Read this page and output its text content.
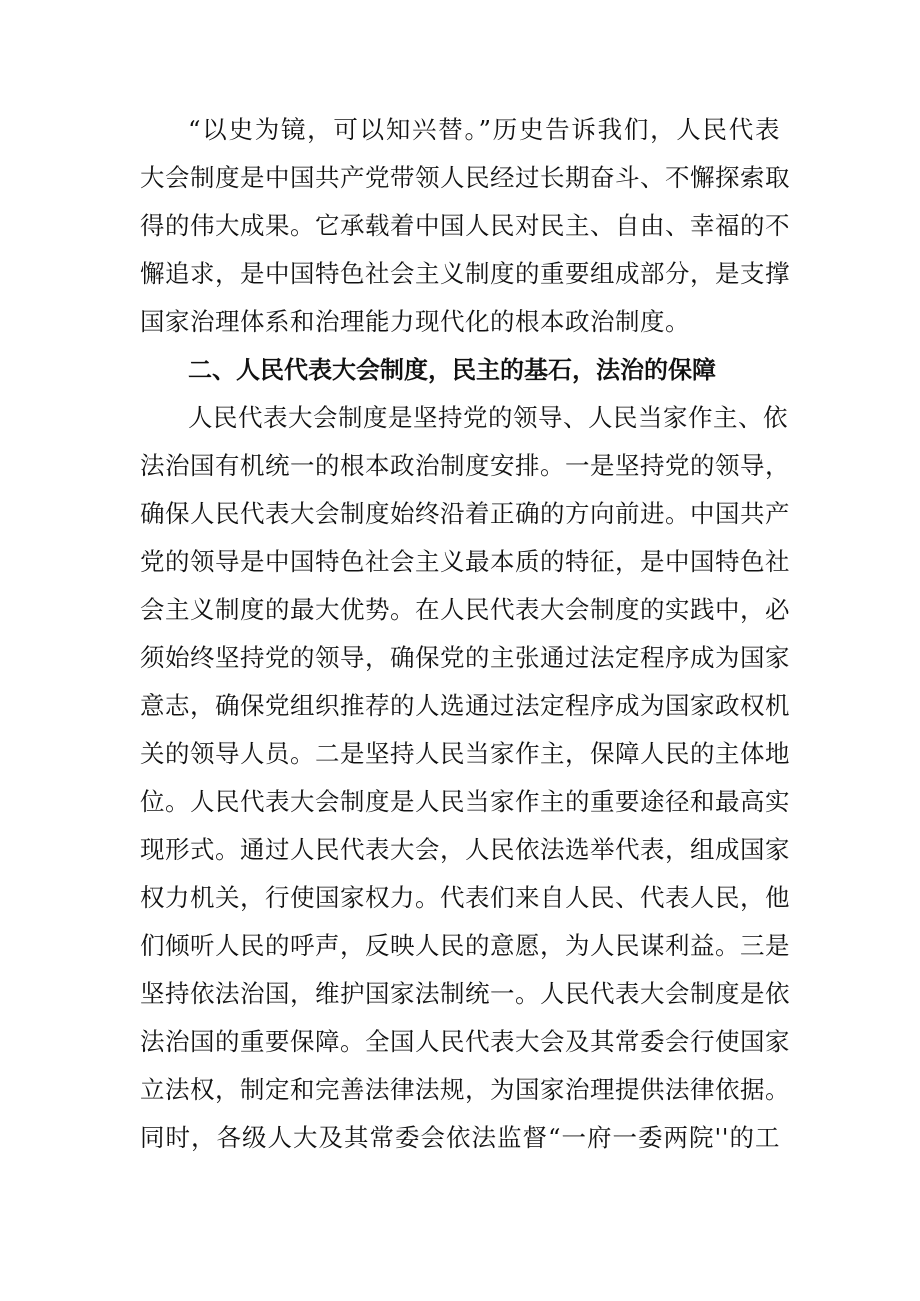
“以史为镜，可以知兴替。”历史告诉我们，人民代表

大会制度是中国共产党带领人民经过长期奋斗、不懈探索取

得的伟大成果。它承载着中国人民对民主、自由、幸福的不

懈追求，是中国特色社会主义制度的重要组成部分，是支撑

国家治理体系和治理能力现代化的根本政治制度。

二、人民代表大会制度，民主的基石，法治的保障

人民代表大会制度是坚持党的领导、人民当家作主、依

法治国有机统一的根本政治制度安排。一是坚持党的领导，

确保人民代表大会制度始终沿着正确的方向前进。中国共产

党的领导是中国特色社会主义最本质的特征，是中国特色社

会主义制度的最大优势。在人民代表大会制度的实践中，必

须始终坚持党的领导，确保党的主张通过法定程序成为国家

意志，确保党组织推荐的人选通过法定程序成为国家政权机

关的领导人员。二是坚持人民当家作主，保障人民的主体地

位。人民代表大会制度是人民当家作主的重要途径和最高实

现形式。通过人民代表大会，人民依法选举代表，组成国家

权力机关，行使国家权力。代表们来自人民、代表人民，他

们倾听人民的呼声，反映人民的意愿，为人民谋利益。三是

坚持依法治国，维护国家法制统一。人民代表大会制度是依

法治国的重要保障。全国人民代表大会及其常委会行使国家

立法权，制定和完善法律法规，为国家治理提供法律依据。

同时，各级人大及其常委会依法监督“一府一委两院''的工
